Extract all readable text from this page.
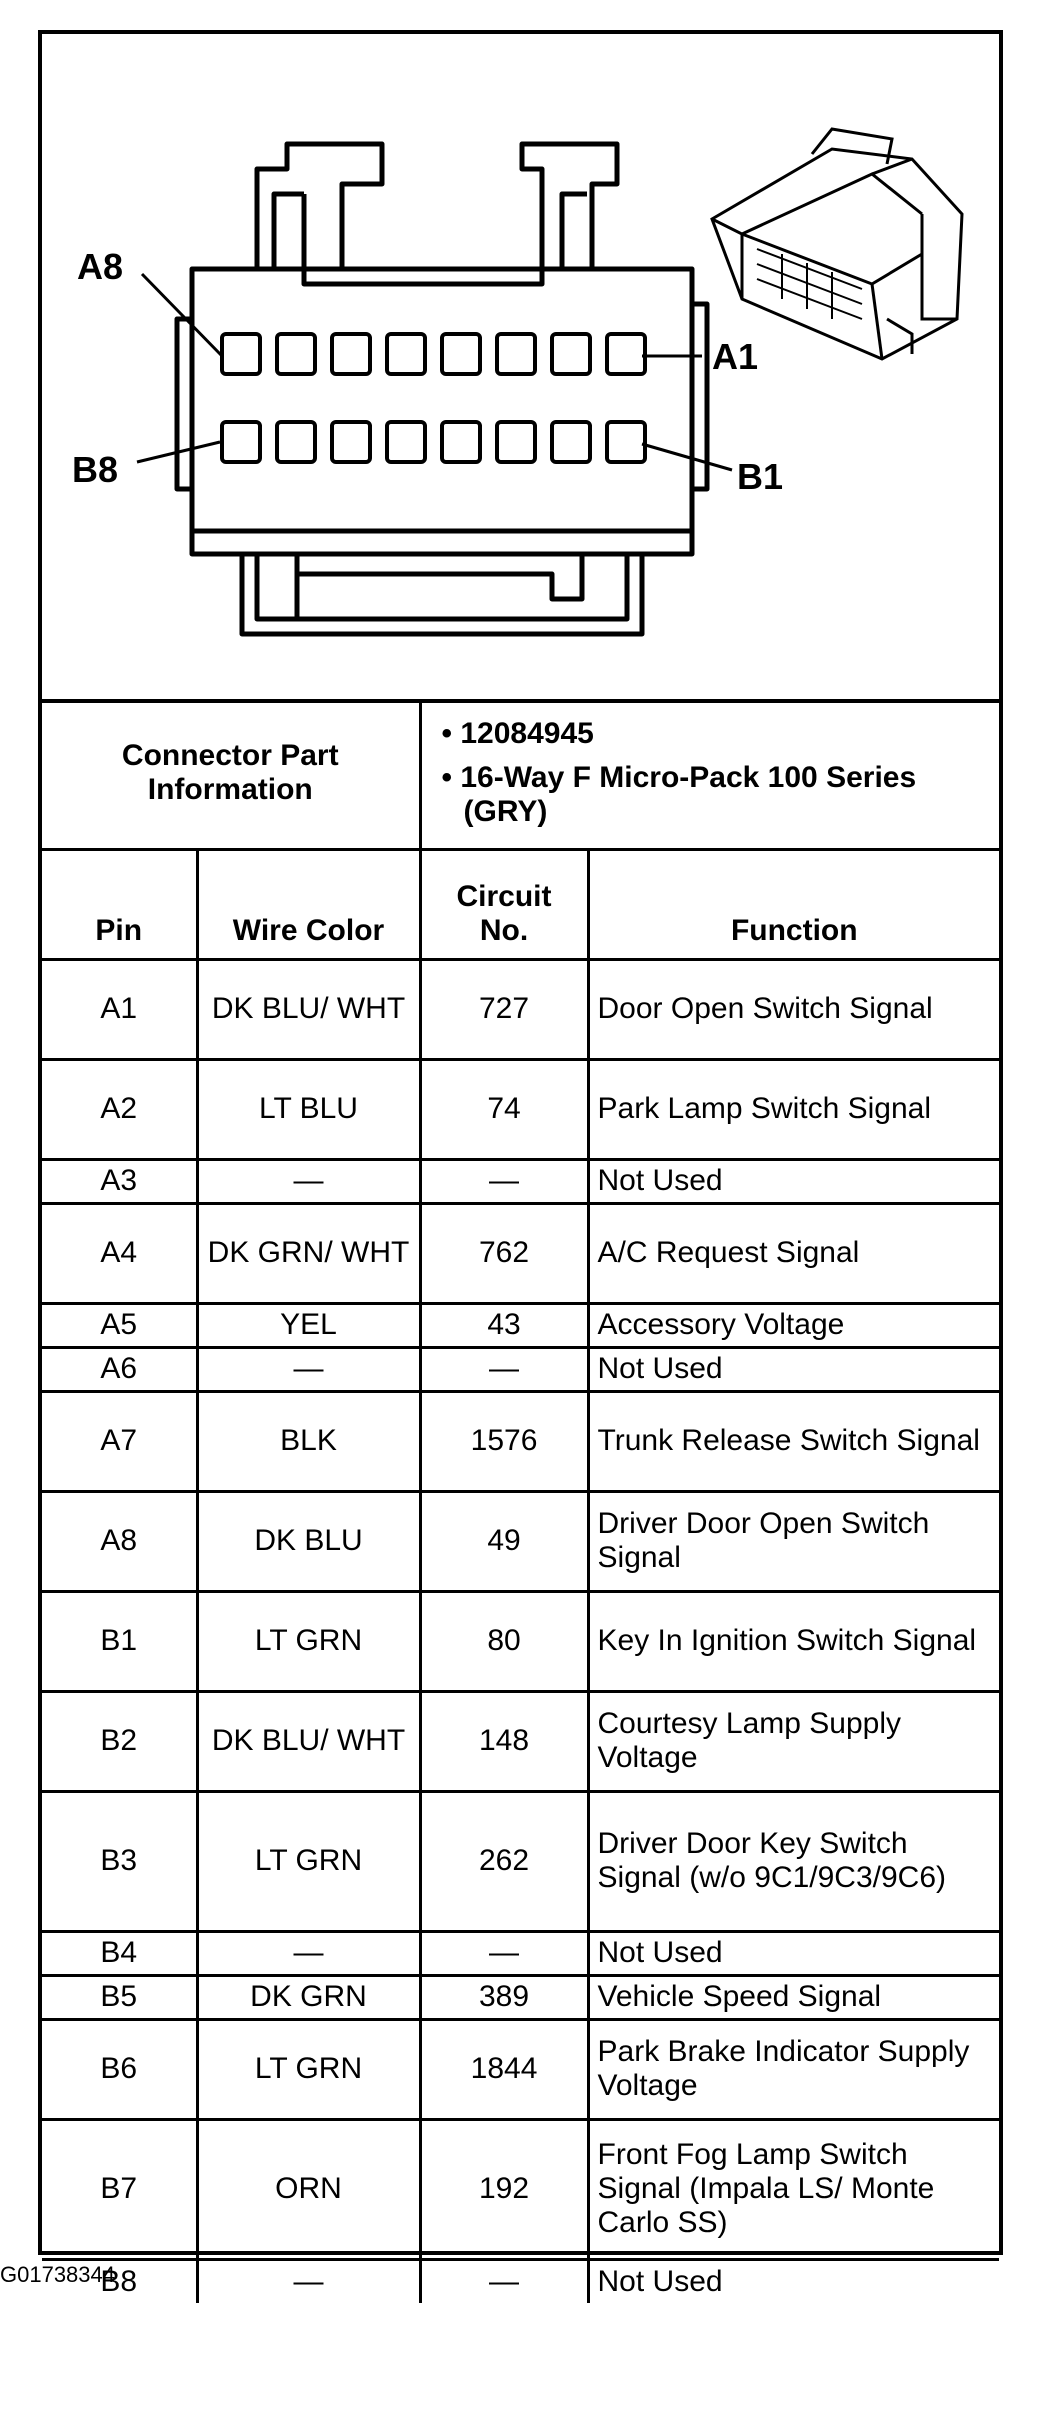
A8
A1
B8	B1
Connector Part Information		• 12084945
• 16-Way F Micro-Pack 100 Series (GRY)	

Pin	Wire Color	Circuit No.	Function
A1	DK BLU/ WHT	727	Door Open Switch Signal
A2	LT BLU	74	Park Lamp Switch Signal
A3	—	—	Not Used
A4	DK GRN/ WHT	762	A/C Request Signal
A5	YEL	43	Accessory Voltage
A6	—	—	Not Used
A7	BLK	1576	Trunk Release Switch Signal
A8	DK BLU	49	Driver Door Open Switch Signal
B1	LT GRN	80	Key In Ignition Switch Signal
B2	DK BLU/ WHT	148	Courtesy Lamp Supply Voltage
B3	LT GRN	262	Driver Door Key Switch Signal (w/o 9C1/9C3/9C6)
B4	—	—	Not Used
B5	DK GRN	389	Vehicle Speed Signal
B6	LT GRN	1844	Park Brake Indicator Supply Voltage
B7	ORN	192	Front Fog Lamp Switch Signal (Impala LS/ Monte Carlo SS)
B8	—	—	Not Used
G01738344
